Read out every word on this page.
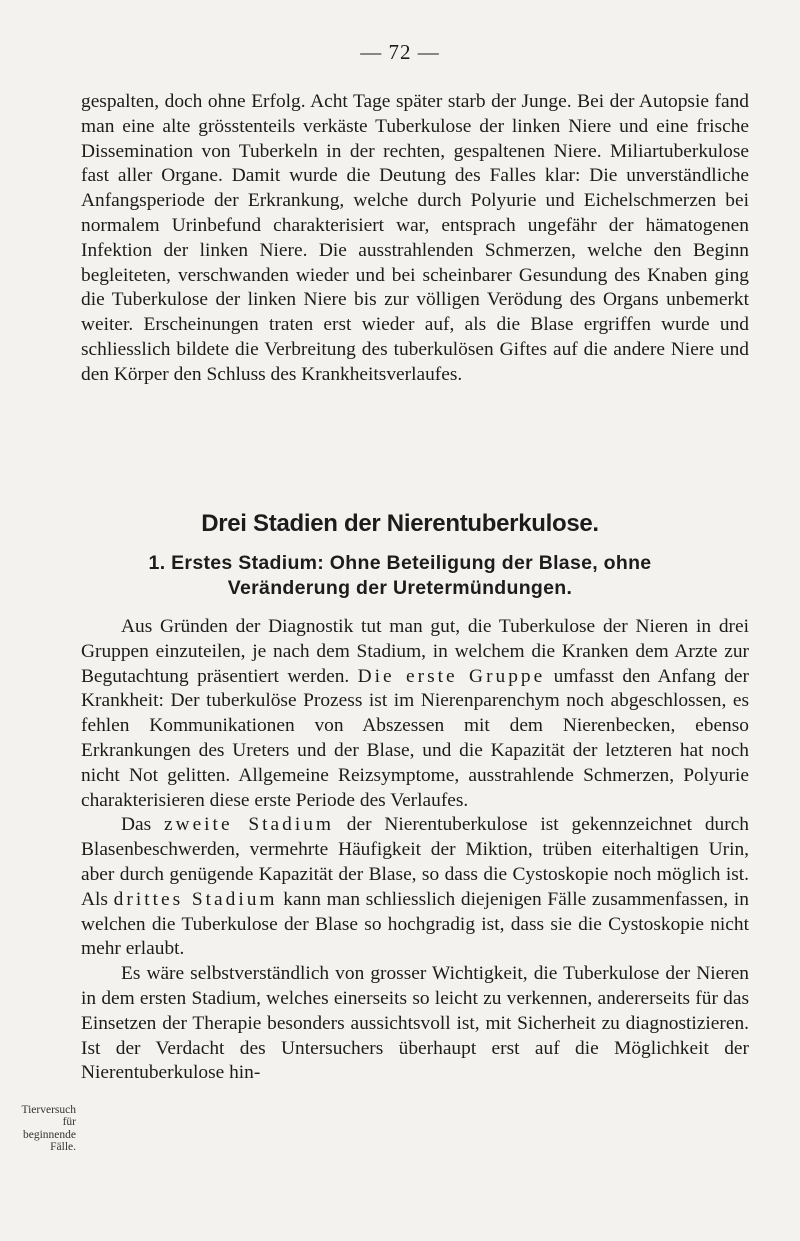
— 72 —

gespalten, doch ohne Erfolg. Acht Tage später starb der Junge. Bei der Autopsie fand man eine alte grösstenteils verkäste Tuberkulose der linken Niere und eine frische Dissemination von Tuberkeln in der rechten, gespaltenen Niere. Miliartuberkulose fast aller Organe. Damit wurde die Deutung des Falles klar: Die unverständliche Anfangsperiode der Erkrankung, welche durch Polyurie und Eichelschmerzen bei normalem Urinbefund charakterisiert war, entsprach ungefähr der hämatogenen Infektion der linken Niere. Die ausstrahlenden Schmerzen, welche den Beginn begleiteten, verschwanden wieder und bei scheinbarer Gesundung des Knaben ging die Tuberkulose der linken Niere bis zur völligen Verödung des Organs unbemerkt weiter. Erscheinungen traten erst wieder auf, als die Blase ergriffen wurde und schliesslich bildete die Verbreitung des tuberkulösen Giftes auf die andere Niere und den Körper den Schluss des Krankheitsverlaufes.

Drei Stadien der Nierentuberkulose.
1. Erstes Stadium: Ohne Beteiligung der Blase, ohne
Veränderung der Uretermündungen.

Aus Gründen der Diagnostik tut man gut, die Tuberkulose der Nieren in drei Gruppen einzuteilen, je nach dem Stadium, in welchem die Kranken dem Arzte zur Begutachtung präsentiert werden. Die erste Gruppe umfasst den Anfang der Krankheit: Der tuberkulöse Prozess ist im Nierenparenchym noch abgeschlossen, es fehlen Kommunikationen von Abszessen mit dem Nierenbecken, ebenso Erkrankungen des Ureters und der Blase, und die Kapazität der letzteren hat noch nicht Not gelitten. Allgemeine Reizsymptome, ausstrahlende Schmerzen, Polyurie charakterisieren diese erste Periode des Verlaufes.

Das zweite Stadium der Nierentuberkulose ist gekennzeichnet durch Blasenbeschwerden, vermehrte Häufigkeit der Miktion, trüben eiterhaltigen Urin, aber durch genügende Kapazität der Blase, so dass die Cystoskopie noch möglich ist. Als drittes Stadium kann man schliesslich diejenigen Fälle zusammenfassen, in welchen die Tuberkulose der Blase so hochgradig ist, dass sie die Cystoskopie nicht mehr erlaubt.

Es wäre selbstverständlich von grosser Wichtigkeit, die Tuberkulose der Nieren in dem ersten Stadium, welches einerseits so leicht zu verkennen, andererseits für das Einsetzen der Therapie besonders aussichtsvoll ist, mit Sicherheit zu diagnostizieren. Ist der Verdacht des Untersuchers überhaupt erst auf die Möglichkeit der Nierentuberkulose hin-

Tierversuch für
beginnende Fälle.
